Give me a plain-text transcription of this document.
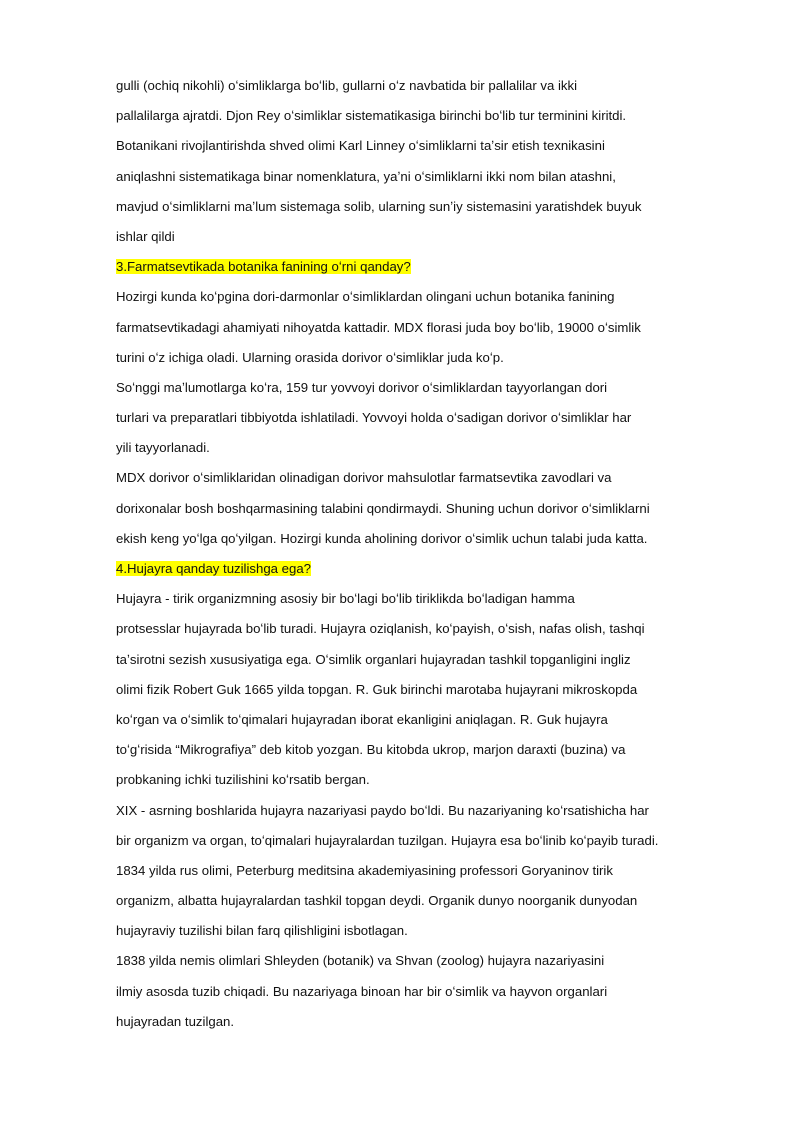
gulli (ochiq nikohli) oʻsimliklarga boʻlib, gullarni oʻz navbatida bir pallalilar va ikki
pallalilarga ajratdi. Djon Rey oʻsimliklar sistematikasiga birinchi boʻlib tur terminini kiritdi.
Botanikani rivojlantirishda shved olimi Karl Linney oʻsimliklarni taʼsir etish texnikasini
aniqlashni sistematikaga binar nomenklatura, yaʼni oʻsimliklarni ikki nom bilan atashni,
mavjud oʻsimliklarni maʼlum sistemaga solib, ularning sunʼiy sistemasini yaratishdek buyuk
ishlar qildi
3.Farmatsevtikada botanika fanining oʻrni qanday?
Hozirgi kunda koʻpgina dori-darmonlar oʻsimliklardan olingani uchun botanika fanining
farmatsevtikadagi ahamiyati nihoyatda kattadir. MDX florasi juda boy boʻlib, 19000 oʻsimlik
turini oʻz ichiga oladi. Ularning orasida dorivor oʻsimliklar juda koʻp.
Soʻnggi maʼlumotlarga koʻra, 159 tur yovvoyi dorivor oʻsimliklardan tayyorlangan dori
turlari va preparatlari tibbiyotda ishlatiladi. Yovvoyi holda oʻsadigan dorivor oʻsimliklar har
yili tayyorlanadi.
MDX dorivor oʻsimliklaridan olinadigan dorivor mahsulotlar farmatsevtika zavodlari va
dorixonalar bosh boshqarmasining talabini qondirmaydi. Shuning uchun dorivor oʻsimliklarni
ekish keng yoʻlga qoʻyilgan. Hozirgi kunda aholining dorivor oʻsimlik uchun talabi juda katta.
4.Hujayra qanday tuzilishga ega?
Hujayra - tirik organizmning asosiy bir boʻlagi boʻlib tiriklikda boʻladigan hamma
protsesslar hujayrada boʻlib turadi. Hujayra oziqlanish, koʻpayish, oʻsish, nafas olish, tashqi
taʼsirotni sezish xususiyatiga ega. Oʻsimlik organlari hujayradan tashkil topganligini ingliz
olimi fizik Robert Guk 1665 yilda topgan. R. Guk birinchi marotaba hujayrani mikroskopda
koʻrgan va oʻsimlik toʻqimalari hujayradan iborat ekanligini aniqlagan. R. Guk hujayra
toʻgʻrisida “Mikrografiya” deb kitob yozgan. Bu kitobda ukrop, marjon daraxti (buzina) va
probkaning ichki tuzilishini koʻrsatib bergan.
XIX - asrning boshlarida hujayra nazariyasi paydo boʻldi. Bu nazariyaning koʻrsatishicha har
bir organizm va organ, toʻqimalari hujayralardan tuzilgan. Hujayra esa boʻlinib koʻpayib turadi.
1834 yilda rus olimi, Peterburg meditsina akademiyasining professori Goryaninov tirik
organizm, albatta hujayralardan tashkil topgan deydi. Organik dunyo noorganik dunyodan
hujayraviy tuzilishi bilan farq qilishligini isbotlagan.
1838 yilda nemis olimlari Shleyden (botanik) va Shvan (zoolog) hujayra nazariyasini
ilmiy asosda tuzib chiqadi. Bu nazariyaga binoan har bir oʻsimlik va hayvon organlari
hujayradan tuzilgan.
